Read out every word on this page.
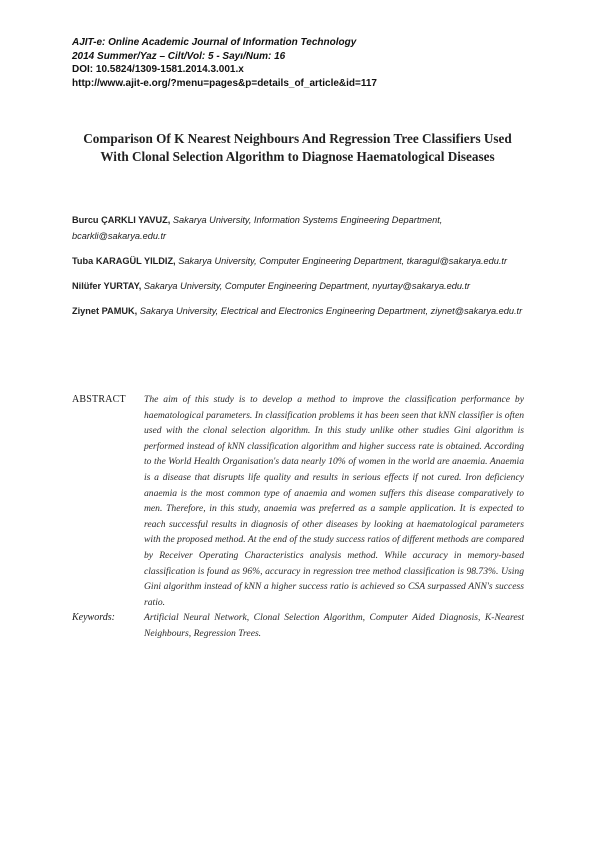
AJIT-e: Online Academic Journal of Information Technology
2014 Summer/Yaz – Cilt/Vol: 5 - Sayı/Num: 16
DOI: 10.5824/1309-1581.2014.3.001.x
http://www.ajit-e.org/?menu=pages&p=details_of_article&id=117
Comparison Of K Nearest Neighbours And Regression Tree Classifiers Used With Clonal Selection Algorithm to Diagnose Haematological Diseases
Burcu ÇARKLI YAVUZ, Sakarya University, Information Systems Engineering Department, bcarkli@sakarya.edu.tr
Tuba KARAGÜL YILDIZ, Sakarya University, Computer Engineering Department, tkaragul@sakarya.edu.tr
Nilüfer YURTAY, Sakarya University, Computer Engineering Department, nyurtay@sakarya.edu.tr
Ziynet PAMUK, Sakarya University, Electrical and Electronics Engineering Department, ziynet@sakarya.edu.tr
ABSTRACT	The aim of this study is to develop a method to improve the classification performance by haematological parameters. In classification problems it has been seen that kNN classifier is often used with the clonal selection algorithm. In this study unlike other studies Gini algorithm is performed instead of kNN classification algorithm and higher success rate is obtained. According to the World Health Organisation's data nearly 10% of women in the world are anaemia. Anaemia is a disease that disrupts life quality and results in serious effects if not cured. Iron deficiency anaemia is the most common type of anaemia and women suffers this disease comparatively to men. Therefore, in this study, anaemia was preferred as a sample application. It is expected to reach successful results in diagnosis of other diseases by looking at haematological parameters with the proposed method. At the end of the study success ratios of different methods are compared by Receiver Operating Characteristics analysis method. While accuracy in memory-based classification is found as 96%, accuracy in regression tree method classification is 98.73%. Using Gini algorithm instead of kNN a higher success ratio is achieved so CSA surpassed ANN's success ratio.
Keywords:	Artificial Neural Network, Clonal Selection Algorithm, Computer Aided Diagnosis, K-Nearest Neighbours, Regression Trees.
